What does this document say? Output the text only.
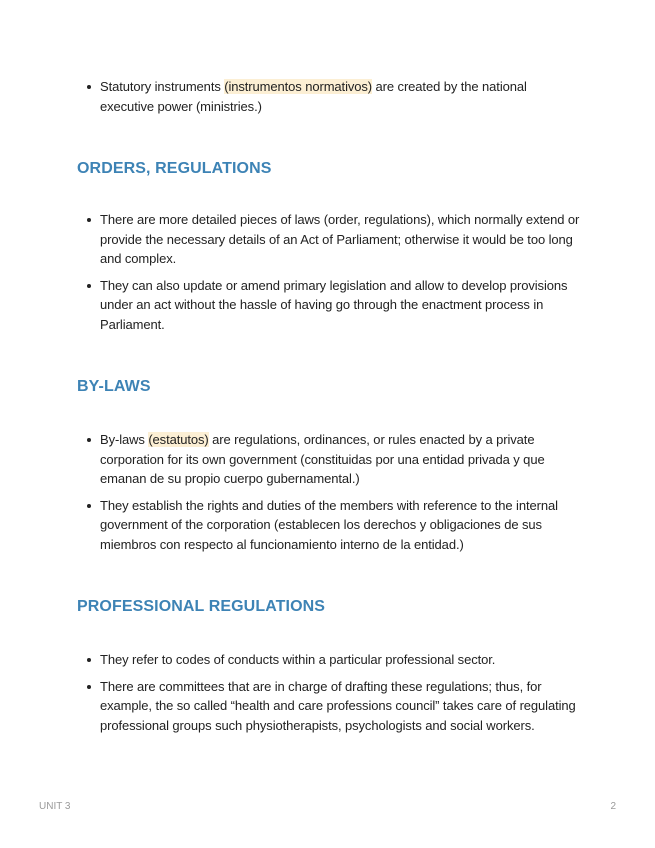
Statutory instruments (instrumentos normativos) are created by the national executive power (ministries.)
ORDERS, REGULATIONS
There are more detailed pieces of laws (order, regulations), which normally extend or provide the necessary details of an Act of Parliament; otherwise it would be too long and complex.
They can also update or amend primary legislation and allow to develop provisions under an act without the hassle of having go through the enactment process in Parliament.
BY-LAWS
By-laws (estatutos) are regulations, ordinances, or rules enacted by a private corporation for its own government (constituidas por una entidad privada y que emanan de su propio cuerpo gubernamental.)
They establish the rights and duties of the members with reference to the internal government of the corporation (establecen los derechos y obligaciones de sus miembros con respecto al funcionamiento interno de la entidad.)
PROFESSIONAL REGULATIONS
They refer to codes of conducts within a particular professional sector.
There are committees that are in charge of drafting these regulations; thus, for example, the so called “health and care professions council” takes care of regulating professional groups such physiotherapists, psychologists and social workers.
UNIT 3	2
